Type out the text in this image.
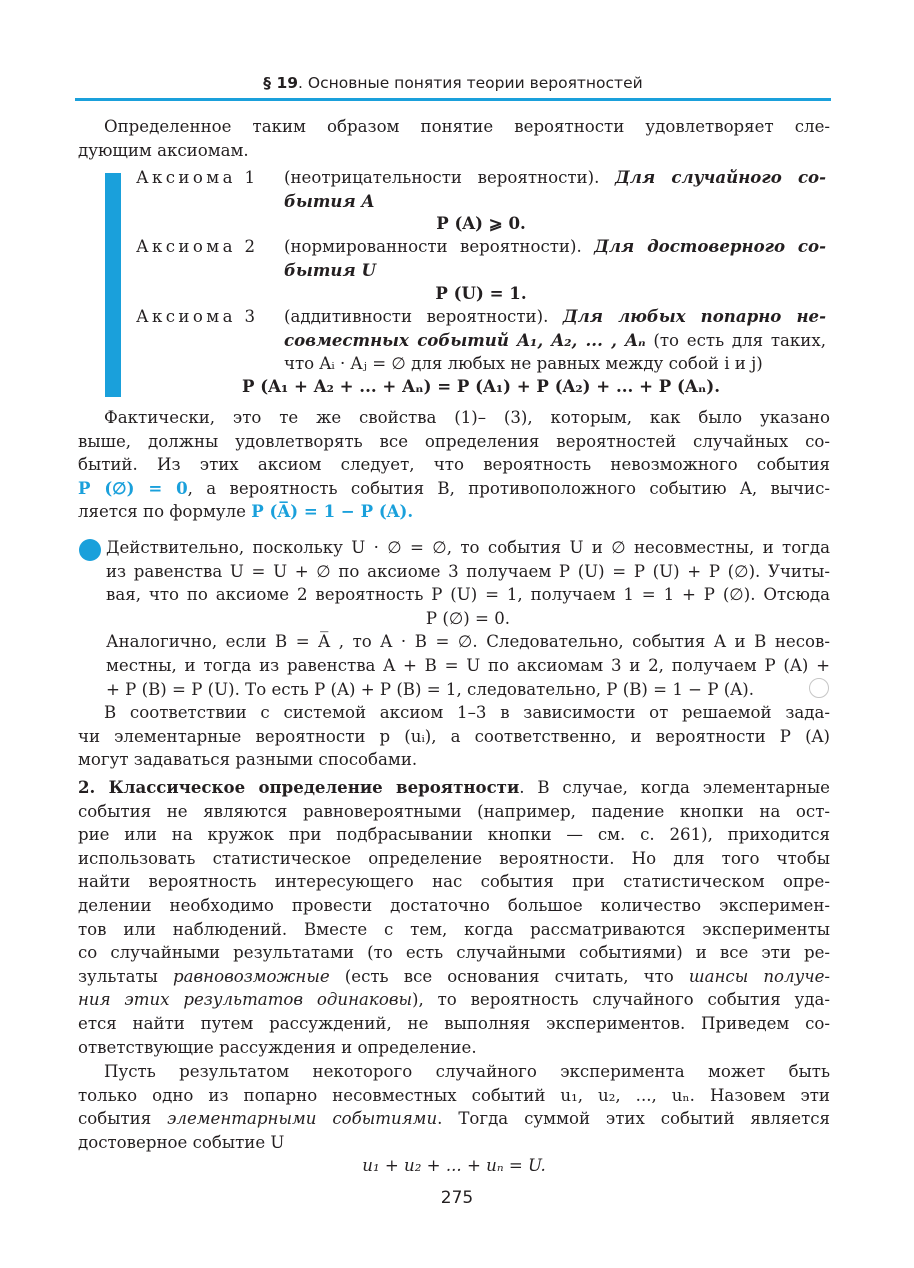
§ 19. Основные понятия теории вероятностей
Определенное таким образом понятие вероятности удовлетворяет сле-
дующим аксиомам.
Аксиома 1 (неотрицательности вероятности). Для случайного со-
бытия A
P (A) ⩾ 0.
Аксиома 2 (нормированности вероятности). Для достоверного со-
бытия U
P (U) = 1.
Аксиома 3 (аддитивности вероятности). Для любых попарно не-
совместных событий A₁, A₂, ... , Aₙ (то есть для таких,
что Aᵢ · Aⱼ = ∅ для любых не равных между собой i и j)
P (A₁ + A₂ + ... + Aₙ) = P (A₁) + P (A₂) + ... + P (Aₙ).
Фактически, это те же свойства (1)– (3), которым, как было указано
выше, должны удовлетворять все определения вероятностей случайных со-
бытий. Из этих аксиом следует, что вероятность невозможного события
P (∅) = 0, а вероятность события B, противоположного событию A, вычис-
ляется по формуле P (A̅) = 1 − P (A).
Действительно, поскольку U · ∅ = ∅, то события U и ∅ несовместны, и тогда
из равенства U = U + ∅ по аксиоме 3 получаем P (U) = P (U) + P (∅). Учиты-
вая, что по аксиоме 2 вероятность P (U) = 1, получаем 1 = 1 + P (∅). Отсюда
P (∅) = 0.
Аналогично, если B = A̅ , то A · B = ∅. Следовательно, события A и B несов-
местны, и тогда из равенства A + B = U по аксиомам 3 и 2, получаем P (A) +
+ P (B) = P (U). То есть P (A) + P (B) = 1, следовательно, P (B) = 1 − P (A).
В соответствии с системой аксиом 1–3 в зависимости от решаемой зада-
чи элементарные вероятности p (uᵢ), а соответственно, и вероятности P (A)
могут задаваться разными способами.
2. Классическое определение вероятности. В случае, когда элементарные
события не являются равновероятными (например, падение кнопки на ост-
рие или на кружок при подбрасывании кнопки — см. с. 261), приходится
использовать статистическое определение вероятности. Но для того чтобы
найти вероятность интересующего нас события при статистическом опре-
делении необходимо провести достаточно большое количество эксперимен-
тов или наблюдений. Вместе с тем, когда рассматриваются эксперименты
со случайными результатами (то есть случайными событиями) и все эти ре-
зультаты равновозможные (есть все основания считать, что шансы получе-
ния этих результатов одинаковы), то вероятность случайного события уда-
ется найти путем рассуждений, не выполняя экспериментов. Приведем со-
ответствующие рассуждения и определение.
Пусть результатом некоторого случайного эксперимента может быть
только одно из попарно несовместных событий u₁, u₂, ..., uₙ. Назовем эти
события элементарными событиями. Тогда суммой этих событий является
достоверное событие U
u₁ + u₂ + ... + uₙ = U.
275
